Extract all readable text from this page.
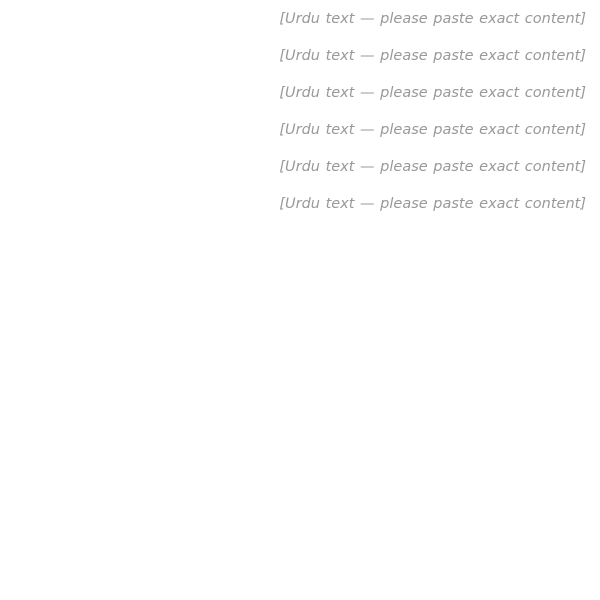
[Urdu text — please paste exact content]

[Urdu text — please paste exact content]

[Urdu text — please paste exact content]

[Urdu text — please paste exact content]

[Urdu text — please paste exact content]

[Urdu text — please paste exact content]
